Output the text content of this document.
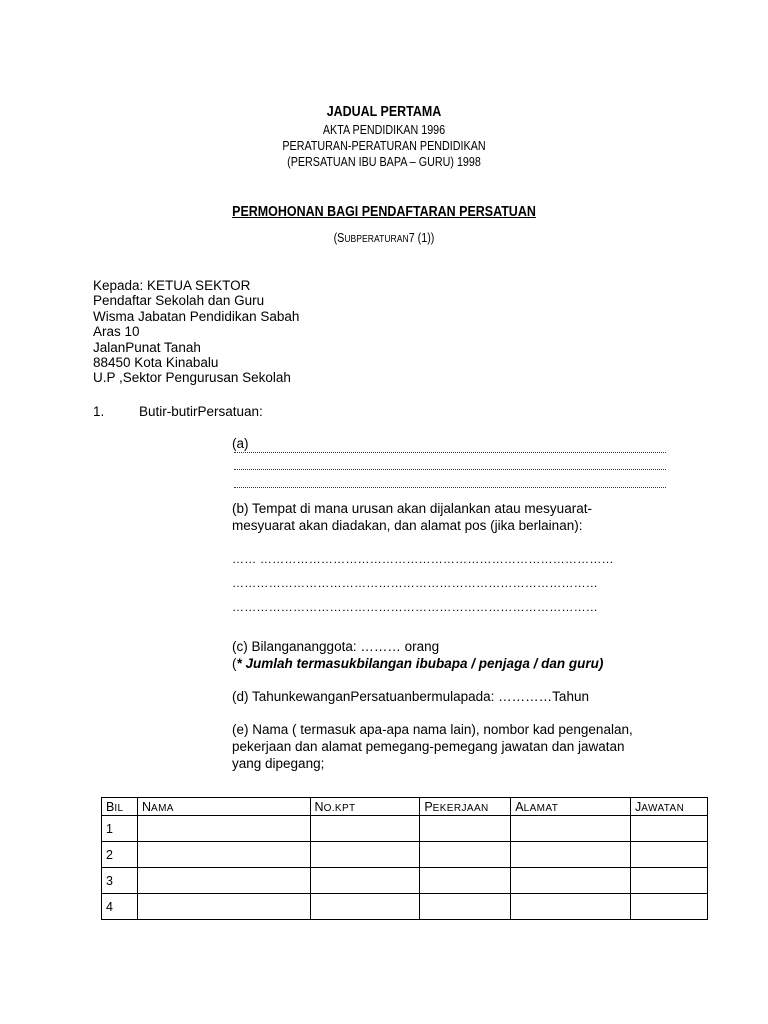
JADUAL PERTAMA
AKTA PENDIDIKAN 1996
PERATURAN-PERATURAN PENDIDIKAN
(PERSATUAN IBU BAPA – GURU) 1998
PERMOHONAN BAGI PENDAFTARAN PERSATUAN
(SUBPERATURAN7 (1))
Kepada: KETUA SEKTOR
Pendaftar Sekolah dan Guru
Wisma Jabatan Pendidikan Sabah
Aras 10
JalanPunat Tanah
88450 Kota Kinabalu
U.P ,Sektor Pengurusan Sekolah
1.	Butir-butirPersatuan:
(a)
(b) Tempat di mana urusan akan dijalankan atau mesyuarat-
mesyuarat akan diadakan, dan alamat pos (jika berlainan):
…… ……………………………………………………………………………
………………………………………………………………………………
………………………………………………………………………………
(c) Bilangananggota: ……… orang
(* Jumlah termasukbilangan ibubapa / penjaga / dan guru)
(d) TahunkewanganPersatuanbermulapada: …………Tahun
(e) Nama ( termasuk apa-apa nama lain), nombor kad pengenalan,
pekerjaan dan alamat pemegang-pemegang jawatan dan jawatan
yang dipegang;
BIL	NAMA	NO.KPT	PEKERJAAN	ALAMAT	JAWATAN
1					
2					
3					
4					
